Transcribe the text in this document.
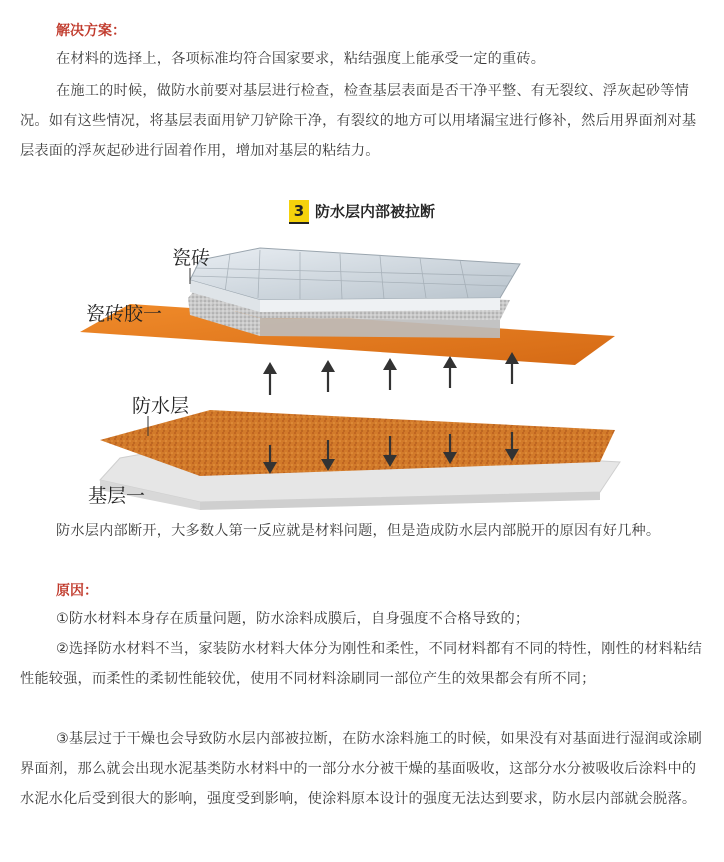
解决方案：
在材料的选择上，各项标准均符合国家要求，粘结强度上能承受一定的重砖。
在施工的时候，做防水前要对基层进行检查，检查基层表面是否干净平整、有无裂纹、浮灰起砂等情况。如有这些情况，将基层表面用铲刀铲除干净，有裂纹的地方可以用堵漏宝进行修补，然后用界面剂对基层表面的浮灰起砂进行固着作用，增加对基层的粘结力。
3 防水层内部被拉断
瓷砖
瓷砖胶一
防水层
基层一
防水层内部断开，大多数人第一反应就是材料问题，但是造成防水层内部脱开的原因有好几种。
原因：
①防水材料本身存在质量问题，防水涂料成膜后，自身强度不合格导致的；
②选择防水材料不当，家装防水材料大体分为刚性和柔性，不同材料都有不同的特性，刚性的材料粘结性能较强，而柔性的柔韧性能较优，使用不同材料涂刷同一部位产生的效果都会有所不同；
③基层过于干燥也会导致防水层内部被拉断，在防水涂料施工的时候，如果没有对基面进行湿润或涂刷界面剂，那么就会出现水泥基类防水材料中的一部分水分被干燥的基面吸收，这部分水分被吸收后涂料中的水泥水化后受到很大的影响，强度受到影响，使涂料原本设计的强度无法达到要求，防水层内部就会脱落。
